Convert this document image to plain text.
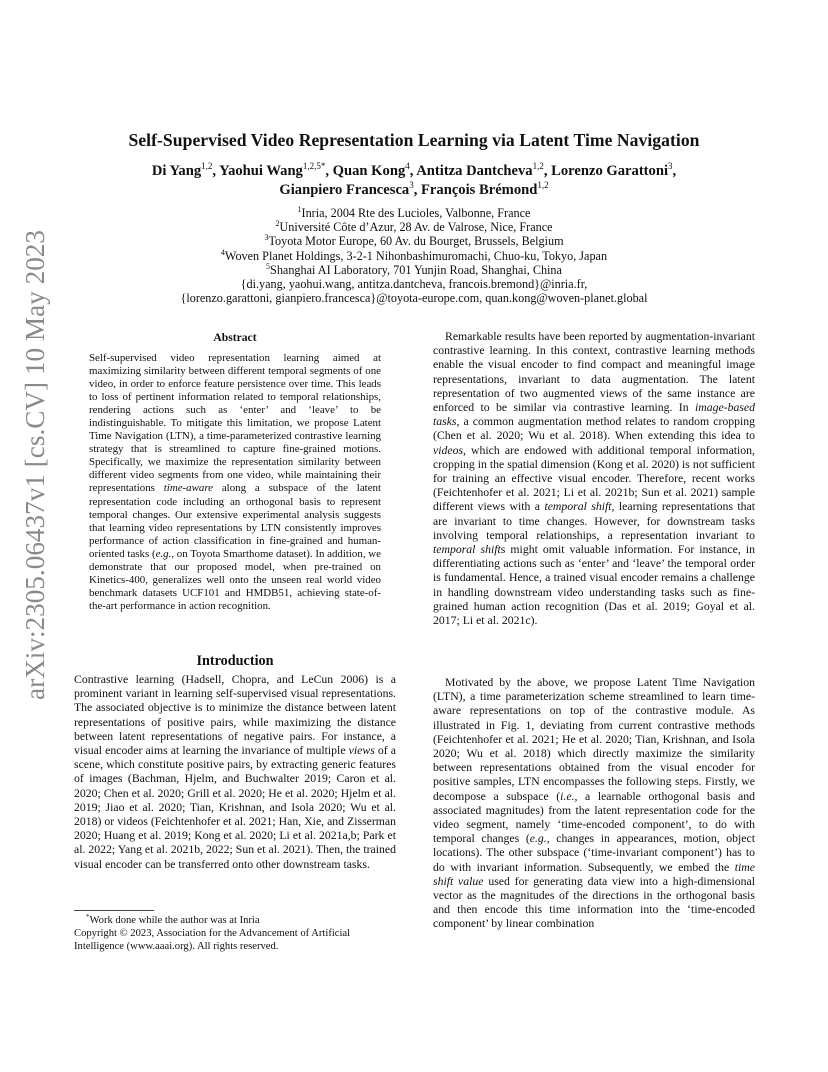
arXiv:2305.06437v1 [cs.CV] 10 May 2023
Self-Supervised Video Representation Learning via Latent Time Navigation
Di Yang$^{1,2}$, Yaohui Wang$^{1,2,5*}$, Quan Kong$^4$, Antitza Dantcheva$^{1,2}$, Lorenzo Garattoni$^3$,
Gianpiero Francesca$^3$, François Brémond$^{1,2}$
$^1$Inria, 2004 Rte des Lucioles, Valbonne, France
$^2$Université Côte d’Azur, 28 Av. de Valrose, Nice, France
$^3$Toyota Motor Europe, 60 Av. du Bourget, Brussels, Belgium
$^4$Woven Planet Holdings, 3-2-1 Nihonbashimuromachi, Chuo-ku, Tokyo, Japan
$^5$Shanghai AI Laboratory, 701 Yunjin Road, Shanghai, China
{di.yang, yaohui.wang, antitza.dantcheva, francois.bremond}@inria.fr,
{lorenzo.garattoni, gianpiero.francesca}@toyota-europe.com, quan.kong@woven-planet.global
Abstract

Self-supervised video representation learning aimed at maximizing similarity between different temporal segments of one video, in order to enforce feature persistence over time. This leads to loss of pertinent information related to temporal relationships, rendering actions such as ‘enter’ and ‘leave’ to be indistinguishable. To mitigate this limitation, we propose Latent Time Navigation (LTN), a time-parameterized contrastive learning strategy that is streamlined to capture fine-grained motions. Specifically, we maximize the representation similarity between different video segments from one video, while maintaining their representations time-aware along a subspace of the latent representation code including an orthogonal basis to represent temporal changes. Our extensive experimental analysis suggests that learning video representations by LTN consistently improves performance of action classification in fine-grained and human-oriented tasks (e.g., on Toyota Smarthome dataset). In addition, we demonstrate that our proposed model, when pre-trained on Kinetics-400, generalizes well onto the unseen real world video benchmark datasets UCF101 and HMDB51, achieving state-of-the-art performance in action recognition.

Introduction

Contrastive learning (Hadsell, Chopra, and LeCun 2006) is a prominent variant in learning self-supervised visual representations. The associated objective is to minimize the distance between latent representations of positive pairs, while maximizing the distance between latent representations of negative pairs. For instance, a visual encoder aims at learning the invariance of multiple views of a scene, which constitute positive pairs, by extracting generic features of images (Bachman, Hjelm, and Buchwalter 2019; Caron et al. 2020; Chen et al. 2020; Grill et al. 2020; He et al. 2020; Hjelm et al. 2019; Jiao et al. 2020; Tian, Krishnan, and Isola 2020; Wu et al. 2018) or videos (Feichtenhofer et al. 2021; Han, Xie, and Zisserman 2020; Huang et al. 2019; Kong et al. 2020; Li et al. 2021a,b; Park et al. 2022; Yang et al. 2021b, 2022; Sun et al. 2021). Then, the trained visual encoder can be transferred onto other downstream tasks.

*Work done while the author was at Inria
Copyright © 2023, Association for the Advancement of Artificial Intelligence (www.aaai.org). All rights reserved.

Remarkable results have been reported by augmentation-invariant contrastive learning. In this context, contrastive learning methods enable the visual encoder to find compact and meaningful image representations, invariant to data augmentation. The latent representation of two augmented views of the same instance are enforced to be similar via contrastive learning. In image-based tasks, a common augmentation method relates to random cropping (Chen et al. 2020; Wu et al. 2018). When extending this idea to videos, which are endowed with additional temporal information, cropping in the spatial dimension (Kong et al. 2020) is not sufficient for training an effective visual encoder. Therefore, recent works (Feichtenhofer et al. 2021; Li et al. 2021b; Sun et al. 2021) sample different views with a temporal shift, learning representations that are invariant to time changes. However, for downstream tasks involving temporal relationships, a representation invariant to temporal shifts might omit valuable information. For instance, in differentiating actions such as ‘enter’ and ‘leave’ the temporal order is fundamental. Hence, a trained visual encoder remains a challenge in handling downstream video understanding tasks such as fine-grained human action recognition (Das et al. 2019; Goyal et al. 2017; Li et al. 2021c).

Motivated by the above, we propose Latent Time Navigation (LTN), a time parameterization scheme streamlined to learn time-aware representations on top of the contrastive module. As illustrated in Fig. 1, deviating from current contrastive methods (Feichtenhofer et al. 2021; He et al. 2020; Tian, Krishnan, and Isola 2020; Wu et al. 2018) which directly maximize the similarity between representations obtained from the visual encoder for positive samples, LTN encompasses the following steps. Firstly, we decompose a subspace (i.e., a learnable orthogonal basis and associated magnitudes) from the latent representation code for the video segment, namely ‘time-encoded component’, to do with temporal changes (e.g., changes in appearances, motion, object locations). The other subspace (‘time-invariant component’) has to do with invariant information. Subsequently, we embed the time shift value used for generating data view into a high-dimensional vector as the magnitudes of the directions in the orthogonal basis and then encode this time information into the ‘time-encoded component’ by linear combination
